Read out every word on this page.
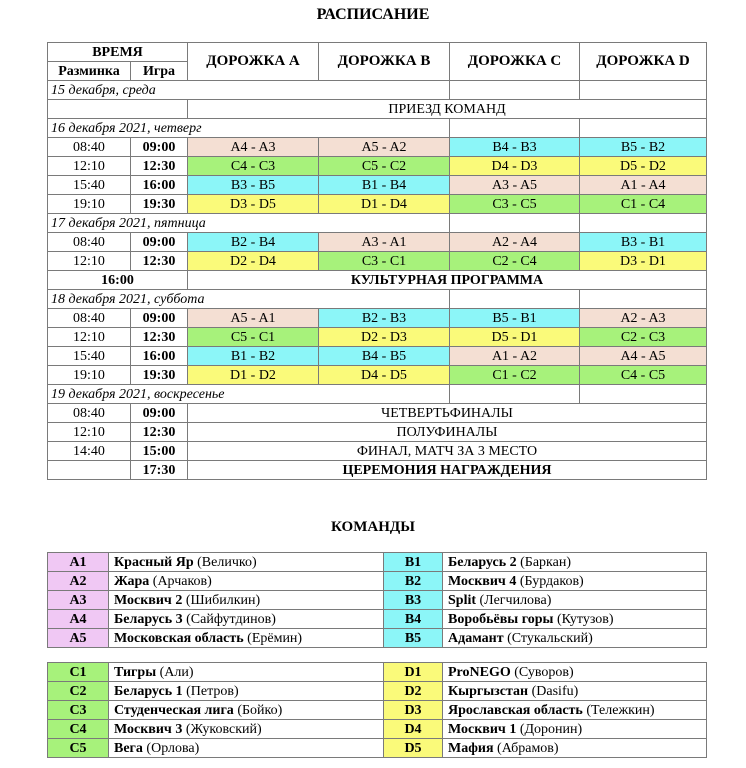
РАСПИСАНИЕ
ВРЕМЯ		ДОРОЖКА A	ДОРОЖКА B	ДОРОЖКА C	ДОРОЖКА D
Разминка	Игра				
15 декабря, среда					
		ПРИЕЗД КОМАНД			
16 декабря 2021, четверг					
08:40	09:00	A4 - A3	A5 - A2	B4 - B3	B5 - B2
12:10	12:30	C4 - C3	C5 - C2	D4 - D3	D5 - D2
15:40	16:00	B3 - B5	B1 - B4	A3 - A5	A1 - A4
19:10	19:30	D3 - D5	D1 - D4	C3 - C5	C1 - C4
17 декабря 2021, пятница					
08:40	09:00	B2 - B4	A3 - A1	A2 - A4	B3 - B1
12:10	12:30	D2 - D4	C3 - C1	C2 - C4	D3 - D1
16:00		КУЛЬТУРНАЯ ПРОГРАММА			
18 декабря 2021, суббота					
08:40	09:00	A5 - A1	B2 - B3	B5 - B1	A2 - A3
12:10	12:30	C5 - C1	D2 - D3	D5 - D1	C2 - C3
15:40	16:00	B1 - B2	B4 - B5	A1 - A2	A4 - A5
19:10	19:30	D1 - D2	D4 - D5	C1 - C2	C4 - C5
19 декабря 2021, воскресенье					
08:40	09:00	ЧЕТВЕРТЬФИНАЛЫ			
12:10	12:30	ПОЛУФИНАЛЫ			
14:40	15:00	ФИНАЛ, МАТЧ ЗА 3 МЕСТО			
	17:30	ЦЕРЕМОНИЯ НАГРАЖДЕНИЯ			
КОМАНДЫ
A1	Красный Яр (Величко)	B1	Беларусь 2 (Баркан)
A2	Жара (Арчаков)	B2	Москвич 4 (Бурдаков)
A3	Москвич 2 (Шибилкин)	B3	Split (Легчилова)
A4	Беларусь 3 (Сайфутдинов)	B4	Воробьёвы горы (Кутузов)
A5	Московская область (Ерёмин)	B5	Адамант (Стукальский)
C1	Тигры (Али)	D1	ProNEGO (Суворов)
C2	Беларусь 1 (Петров)	D2	Кыргызстан (Dasifu)
C3	Студенческая лига (Бойко)	D3	Ярославская область (Тележкин)
C4	Москвич 3 (Жуковский)	D4	Москвич 1 (Доронин)
C5	Вега (Орлова)	D5	Мафия (Абрамов)
